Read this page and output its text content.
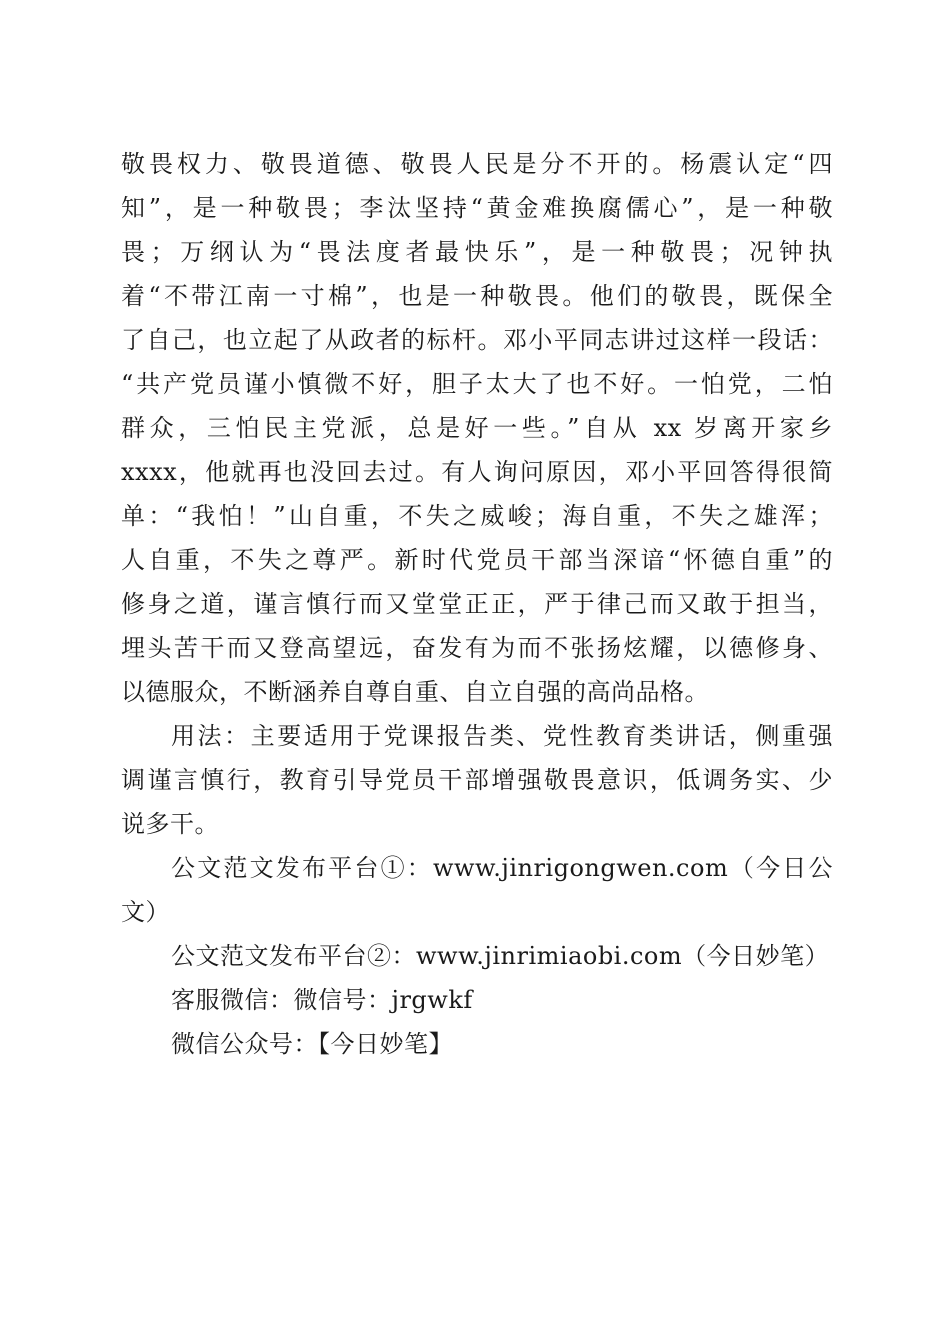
敬畏权力、敬畏道德、敬畏人民是分不开的。杨震认定“四
知”，是一种敬畏；李汰坚持“黄金难换腐儒心”，是一种敬
畏；万纲认为“畏法度者最快乐”，是一种敬畏；况钟执
着“不带江南一寸棉”，也是一种敬畏。他们的敬畏，既保全
了自己，也立起了从政者的标杆。邓小平同志讲过这样一段话：
“共产党员谨小慎微不好，胆子太大了也不好。一怕党，二怕
群众，三怕民主党派，总是好一些。”自从 xx 岁离开家乡
xxxx，他就再也没回去过。有人询问原因，邓小平回答得很简
单：“我怕！”山自重，不失之威峻；海自重，不失之雄浑；
人自重，不失之尊严。新时代党员干部当深谙“怀德自重”的
修身之道，谨言慎行而又堂堂正正，严于律己而又敢于担当，
埋头苦干而又登高望远，奋发有为而不张扬炫耀，以德修身、
以德服众，不断涵养自尊自重、自立自强的高尚品格。
用法：主要适用于党课报告类、党性教育类讲话，侧重强
调谨言慎行，教育引导党员干部增强敬畏意识，低调务实、少
说多干。
公文范文发布平台①：www.jinrigongwen.com（今日公
文）
公文范文发布平台②：www.jinrimiaobi.com（今日妙笔）
客服微信：微信号：jrgwkf
微信公众号：【今日妙笔】
